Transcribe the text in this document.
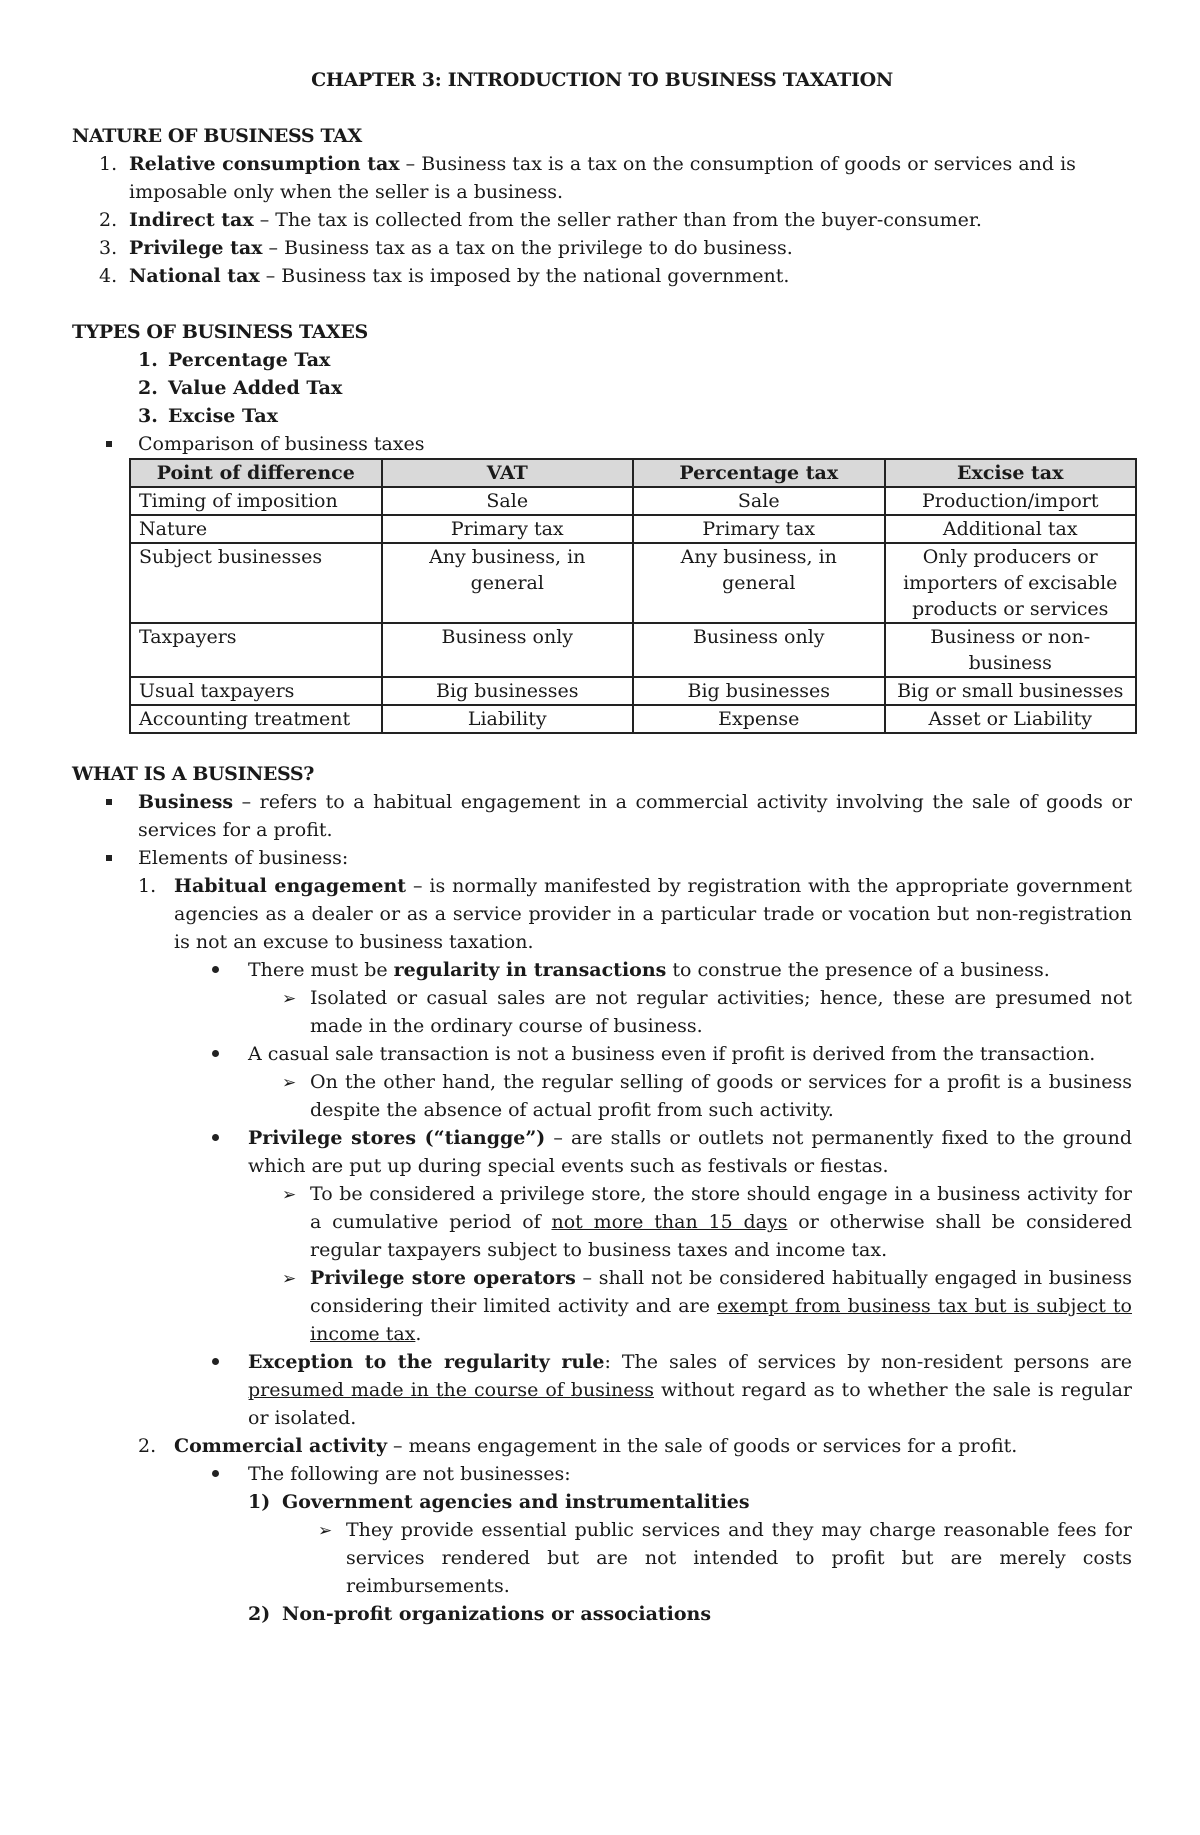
CHAPTER 3: INTRODUCTION TO BUSINESS TAXATION

NATURE OF BUSINESS TAX

1. Relative consumption tax – Business tax is a tax on the consumption of goods or services and is imposable only when the seller is a business.
2. Indirect tax – The tax is collected from the seller rather than from the buyer-consumer.
3. Privilege tax – Business tax as a tax on the privilege to do business.
4. National tax – Business tax is imposed by the national government.

TYPES OF BUSINESS TAXES

1. Percentage Tax
2. Value Added Tax
3. Excise Tax
Comparison of business taxes
Point of difference	VAT	Percentage tax	Excise tax
Timing of imposition	Sale	Sale	Production/import
Nature	Primary tax	Primary tax	Additional tax
Subject businesses	Any business, in general	Any business, in general	Only producers or importers of excisable products or services
Taxpayers	Business only	Business only	Business or non-business
Usual taxpayers	Big businesses	Big businesses	Big or small businesses
Accounting treatment	Liability	Expense	Asset or Liability

WHAT IS A BUSINESS?

Business – refers to a habitual engagement in a commercial activity involving the sale of goods or services for a profit.
Elements of business:
1. Habitual engagement – is normally manifested by registration with the appropriate government agencies as a dealer or as a service provider in a particular trade or vocation but non-registration is not an excuse to business taxation.
There must be regularity in transactions to construe the presence of a business.
➢ Isolated or casual sales are not regular activities; hence, these are presumed not made in the ordinary course of business.
A casual sale transaction is not a business even if profit is derived from the transaction.
➢ On the other hand, the regular selling of goods or services for a profit is a business despite the absence of actual profit from such activity.
Privilege stores (“tiangge”) – are stalls or outlets not permanently fixed to the ground which are put up during special events such as festivals or fiestas.
➢ To be considered a privilege store, the store should engage in a business activity for a cumulative period of not more than 15 days or otherwise shall be considered regular taxpayers subject to business taxes and income tax.
➢ Privilege store operators – shall not be considered habitually engaged in business considering their limited activity and are exempt from business tax but is subject to income tax.
Exception to the regularity rule: The sales of services by non-resident persons are presumed made in the course of business without regard as to whether the sale is regular or isolated.
2. Commercial activity – means engagement in the sale of goods or services for a profit.
The following are not businesses:
1) Government agencies and instrumentalities
➢ They provide essential public services and they may charge reasonable fees for services rendered but are not intended to profit but are merely costs reimbursements.
2) Non-profit organizations or associations
